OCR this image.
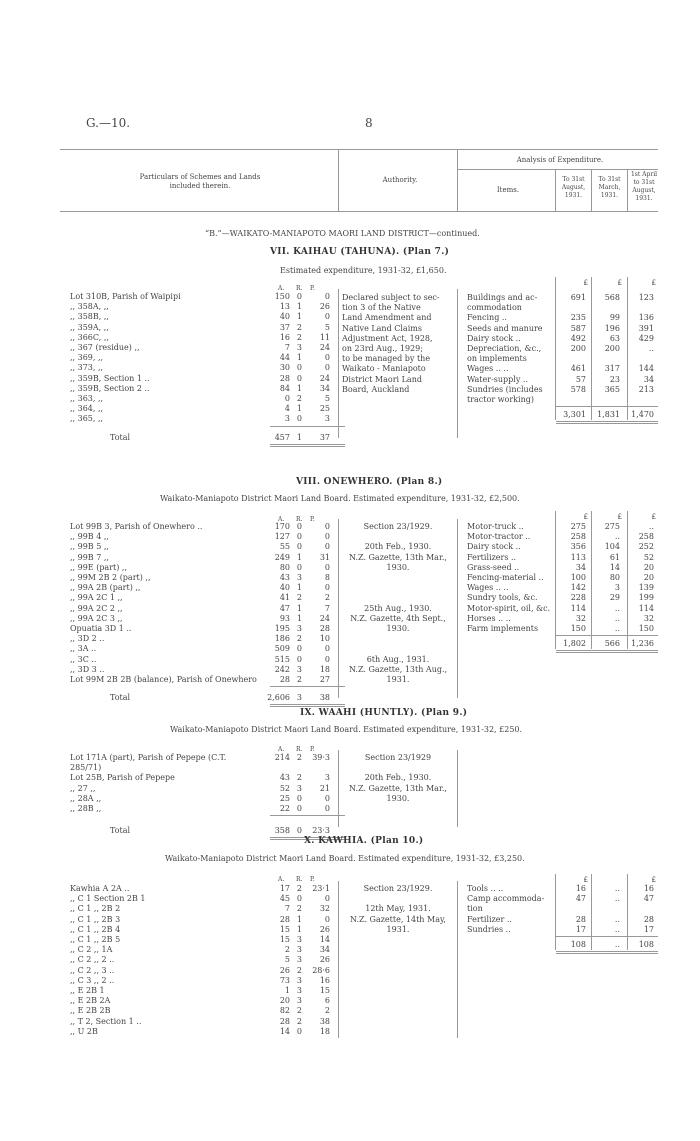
G.—10.	8
Particulars of Schemes and Lands included therein.
Authority.
Analysis of Expenditure.
Items.
To 31st August, 1931.
To 31st March, 1931.
1st April to 31st August, 1931.
“B.”—WAIKATO-MANIAPOTO MAORI LAND DISTRICT—continued.
VII. KAIHAU (TAHUNA). (Plan 7.)
Estimated expenditure, 1931-32, £1,650.
A. R. P.
Lot 310B, Parish of Waipipi	150 0	0
,, 358A, ,,	13 1	26
,, 358B, ,,	40 1	0
,, 359A, ,,	37 2	5
,, 366C, ,,	16 2	11
,, 367 (residue) ,,	7 3	24
,, 369, ,,	44 1	0
,, 373, ,,	30 0	0
,, 359B, Section 1 ..	28 0	24
,, 359B, Section 2 ..	84 1	34
,, 363, ,,	0 2	5
,, 364, ,,	4 1	25
,, 365, ,,	3 0	3
Declared subject to sec-
tion 3 of the Native
Land Amendment and
Native Land Claims
Adjustment Act, 1928,
on 23rd Aug., 1929;
to be managed by the
Waikato - Maniapoto
District Maori Land
Board, Auckland
£	£	£
Buildings and ac-	691	568	123
commodation
Fencing ..	235	99	136
Seeds and manure	587	196	391
Dairy stock ..	492	63	429
Depreciation, &c.,	200	200	..
on implements
Wages .. ..	461	317	144
Water-supply ..	57	23	34
Sundries (includes	578	365	213
tractor working)
3,301	1,831	1,470
Total	457 1	37
VIII. ONEWHERO. (Plan 8.)
Waikato-Maniapoto District Maori Land Board. Estimated expenditure, 1931-32, £2,500.
A. R. P.
Lot 99B 3, Parish of Onewhero ..	170 0	0
,, 99B 4 ,,	127 0	0
,, 99B 5 ,,	55 0	0
,, 99B 7 ,,	249 1	31
,, 99E (part) ,,	80 0	0
,, 99M 2B 2 (part) ,,	43 3	8
,, 99A 2B (part) ,,	40 1	0
,, 99A 2C 1 ,,	41 2	2
,, 99A 2C 2 ,,	47 1	7
,, 99A 2C 3 ,,	93 1	24
Opuatia 3D 1 ..	195 3	28
,, 3D 2 ..	186 2	10
,, 3A ..	509 0	0
,, 3C ..	515 0	0
,, 3D 3 ..	242 3	18
Lot 99M 2B 2B (balance), Parish of Onewhero	28 2	27
Section 23/1929.
20th Feb., 1930.
N.Z. Gazette, 13th Mar.,
1930.
25th Aug., 1930.
N.Z. Gazette, 4th Sept.,
1930.
6th Aug., 1931.
N.Z. Gazette, 13th Aug.,
1931.
£	£	£
Motor-truck ..	275	275	..
Motor-tractor ..	258	..	258
Dairy stock ..	356	104	252
Fertilizers ..	113	61	52
Grass-seed ..	34	14	20
Fencing-material ..	100	80	20
Wages .. ..	142	3	139
Sundry tools, &c.	228	29	199
Motor-spirit, oil, &c.	114	..	114
Horses .. ..	32	..	32
Farm implements	150	..	150
1,802	566	1,236
Total	2,606 3	38
IX. WAAHI (HUNTLY). (Plan 9.)
Waikato-Maniapoto District Maori Land Board. Estimated expenditure, 1931-32, £250.
A. R. P.
Lot 171A (part), Parish of Pepepe (C.T.	214 2	39·3
285/71)
Lot 25B, Parish of Pepepe	43 2	3
,, 27 ,,	52 3	21
,, 28A ,,	25 0	0
,, 28B ,,	22 0	0
Section 23/1929
20th Feb., 1930.
N.Z. Gazette, 13th Mar.,
1930.
Total	358 0	23·3
X. KAWHIA. (Plan 10.)
Waikato-Maniapoto District Maori Land Board. Estimated expenditure, 1931-32, £3,250.
A. R. P.
Kawhia A 2A ..	17 2	23·1
,, C 1 Section 2B 1	45 0	0
,, C 1 ,, 2B 2	7 2	32
,, C 1 ,, 2B 3	28 1	0
,, C 1 ,, 2B 4	15 1	26
,, C 1 ,, 2B 5	15 3	14
,, C 2 ,, 1A	2 3	34
,, C 2 ,, 2 ..	5 3	26
,, C 2 ,, 3 ..	26 2	28·6
,, C 3 ,, 2 ..	73 3	16
,, E 2B 1	1 3	15
,, E 2B 2A	20 3	6
,, E 2B 2B	82 2	2
,, T 2, Section 1 ..	28 2	38
,, U 2B	14 0	18
Section 23/1929.
12th May, 1931.
N.Z. Gazette, 14th May,
1931.
£	£
Tools .. ..	16	..	16
Camp accommoda-	47	..	47
tion
Fertilizer ..	28	..	28
Sundries ..	17	..	17
108	..	108
